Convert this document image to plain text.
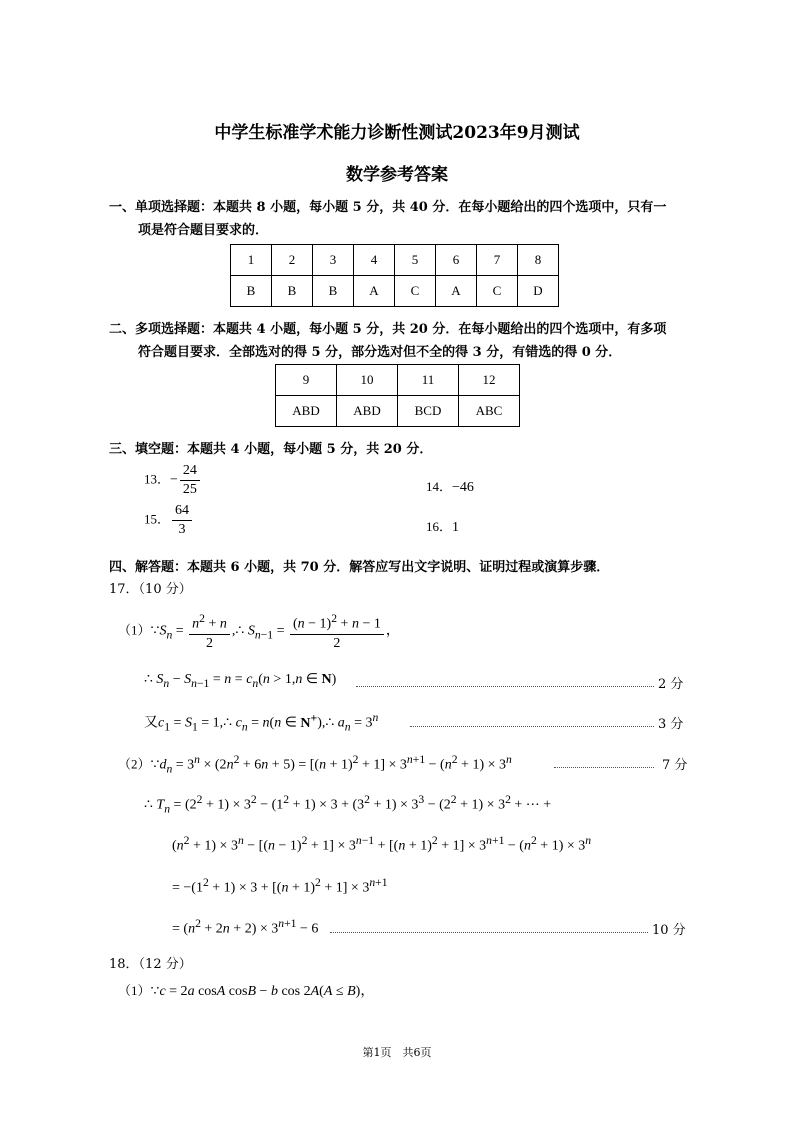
中学生标准学术能力诊断性测试2023年9月测试
数学参考答案
一、单项选择题：本题共 8 小题，每小题 5 分，共 40 分．在每小题给出的四个选项中，只有一
项是符合题目要求的．
1	2	3	4	5	6	7	8
B	B	B	A	C	A	C	D
二、多项选择题：本题共 4 小题，每小题 5 分，共 20 分．在每小题给出的四个选项中，有多项
符合题目要求．全部选对的得 5 分，部分选对但不全的得 3 分，有错选的得 0 分．
9	10	11	12
ABD	ABD	BCD	ABC
三、填空题：本题共 4 小题，每小题 5 分，共 20 分．
13．− $\frac{24}{25}$	14．−46
15． $\frac{64}{3}$	16．1
四、解答题：本题共 6 小题，共 70 分．解答应写出文字说明、证明过程或演算步骤．
17．（10 分）
$(1)\because S_n = \frac{n^2 + n}{2}$ ,∴ $S_{n-1} = \frac{(n - 1)^2 + n - 1}{2}$ ，
∴ $S_n - S_{n-1} = n = c_n(n > 1,n$ ∈ N)	2 分
又$c_1 = S_1$ = 1,∴ $c_n = n(n$ ∈ N+),∴ $a_n = 3^n$	3 分
$(2)\because d_n = 3^n \times (2n^2 + 6n + 5) = [(n + 1)^2 + 1] \times 3^{n+1} - (n^2 + 1) \times 3^n$	7 分
∴ $T_n = (2^2 + 1) \times 3^2 - (1^2 + 1) \times 3 + (3^2 + 1) \times 3^3 - (2^2 + 1) \times 3^2$ + ⋯ +
$(n^2 + 1) \times 3^n - [(n - 1)^2 + 1] \times 3^{n-1} + [(n + 1)^2 + 1] \times 3^{n+1} - (n^2 + 1) \times 3^n$
= $-(1^2 + 1) \times 3 + [(n + 1)^2 + 1] \times 3^{n+1}$
= $(n^2 + 2n + 2) \times 3^{n+1} - 6$	10 分
18．（12 分）
（1）∵c = 2a cosA cosB − b cos 2A(A ≤ B)，
第1页　共6页
